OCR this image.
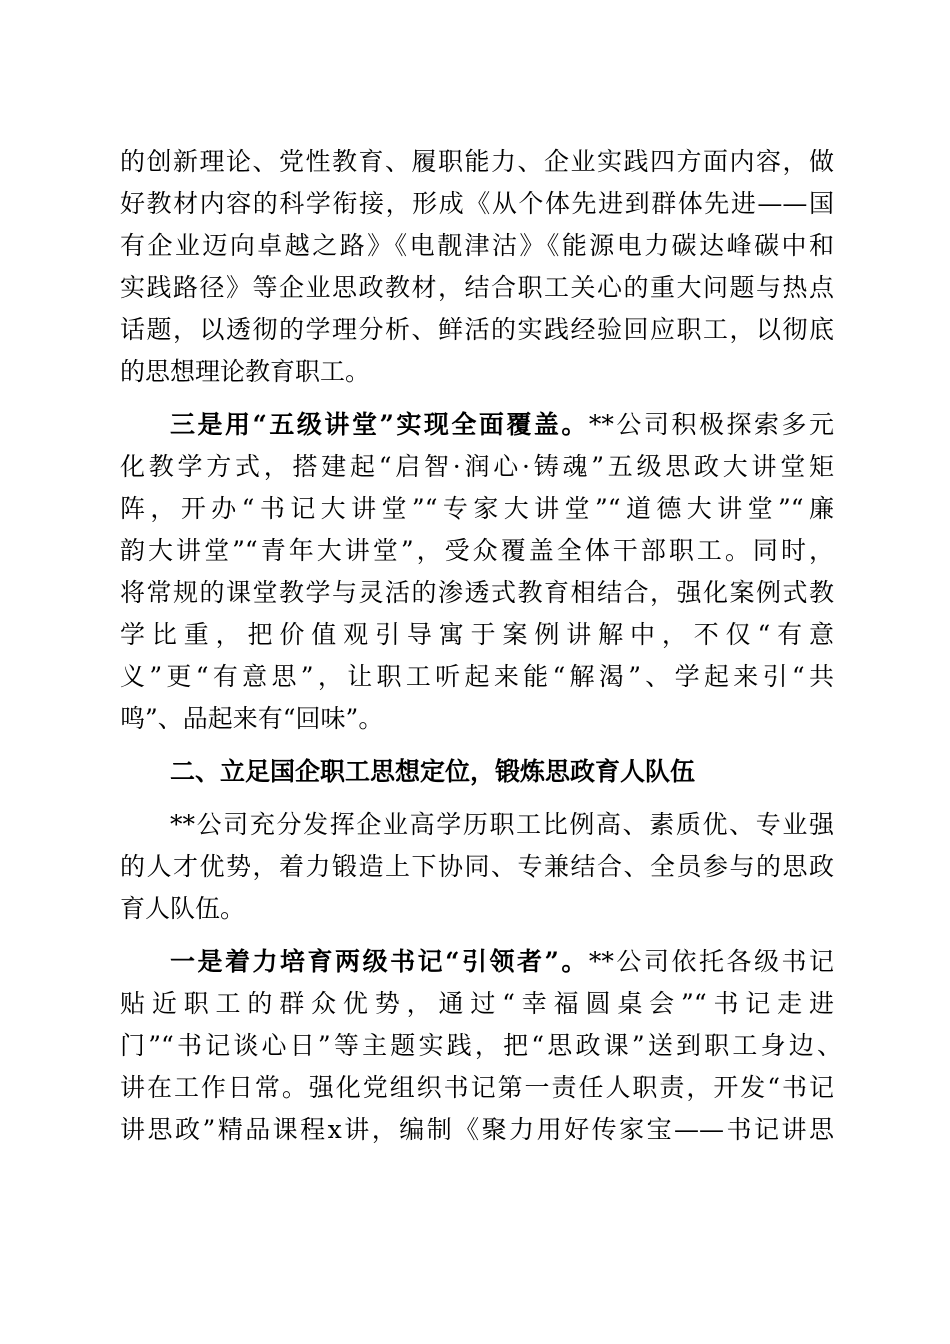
的创新理论、党性教育、履职能力、企业实践四方面内容，做
好教材内容的科学衔接，形成《从个体先进到群体先进——国
有企业迈向卓越之路》《电靓津沽》《能源电力碳达峰碳中和
实践路径》等企业思政教材，结合职工关心的重大问题与热点
话题，以透彻的学理分析、鲜活的实践经验回应职工，以彻底
的思想理论教育职工。
三是用“五级讲堂”实现全面覆盖。**公司积极探索多元
化教学方式，搭建起“启智·润心·铸魂”五级思政大讲堂矩
阵，开办“书记大讲堂”“专家大讲堂”“道德大讲堂”“廉
韵大讲堂”“青年大讲堂”，受众覆盖全体干部职工。同时，
将常规的课堂教学与灵活的渗透式教育相结合，强化案例式教
学比重，把价值观引导寓于案例讲解中，不仅“有意
义”更“有意思”，让职工听起来能“解渴”、学起来引“共
鸣”、品起来有“回味”。
二、立足国企职工思想定位，锻炼思政育人队伍
**公司充分发挥企业高学历职工比例高、素质优、专业强
的人才优势，着力锻造上下协同、专兼结合、全员参与的思政
育人队伍。
一是着力培育两级书记“引领者”。**公司依托各级书记
贴近职工的群众优势，通过“幸福圆桌会”“书记走进
门”“书记谈心日”等主题实践，把“思政课”送到职工身边、
讲在工作日常。强化党组织书记第一责任人职责，开发“书记
讲思政”精品课程x讲，编制《聚力用好传家宝——书记讲思
